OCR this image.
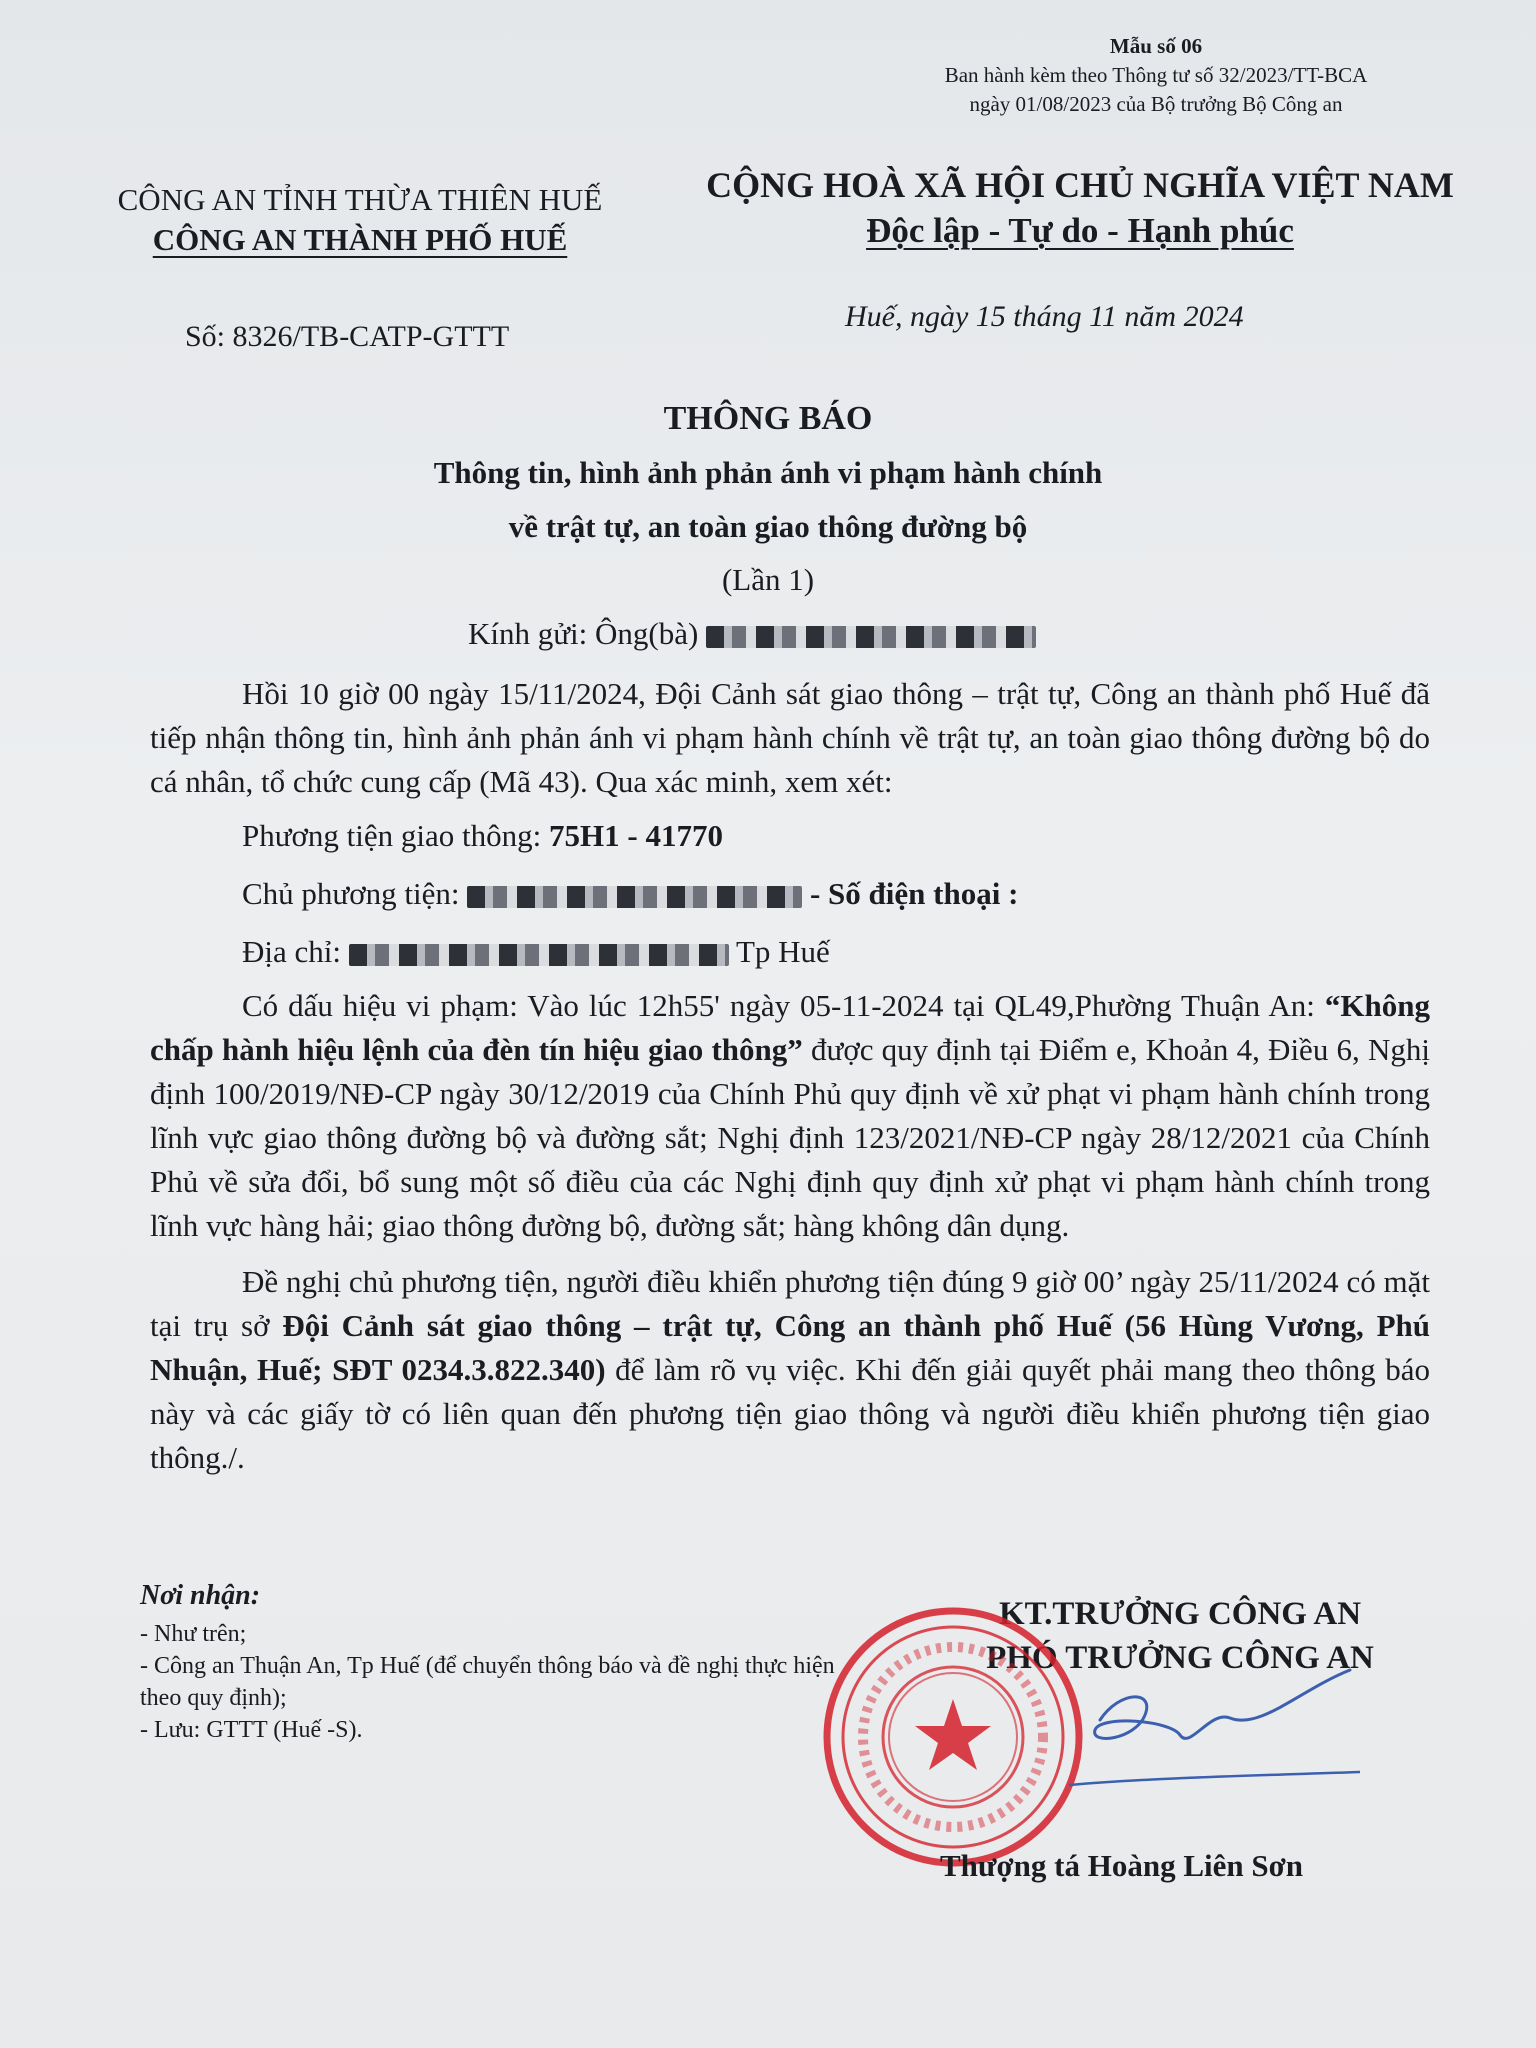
Mẫu số 06
Ban hành kèm theo Thông tư số 32/2023/TT-BCA
ngày 01/08/2023 của Bộ trưởng Bộ Công an
CÔNG AN TỈNH THỪA THIÊN HUẾ
CÔNG AN THÀNH PHỐ HUẾ
CỘNG HOÀ XÃ HỘI CHỦ NGHĨA VIỆT NAM
Độc lập - Tự do - Hạnh phúc
Số: 8326/TB-CATP-GTTT
Huế, ngày 15 tháng 11 năm 2024
THÔNG BÁO
Thông tin, hình ảnh phản ánh vi phạm hành chính
về trật tự, an toàn giao thông đường bộ
(Lần 1)
Kính gửi: Ông(bà)

Hồi 10 giờ 00 ngày 15/11/2024, Đội Cảnh sát giao thông – trật tự, Công an thành phố Huế đã tiếp nhận thông tin, hình ảnh phản ánh vi phạm hành chính về trật tự, an toàn giao thông đường bộ do cá nhân, tổ chức cung cấp (Mã 43). Qua xác minh, xem xét:

Phương tiện giao thông: 75H1 - 41770

Chủ phương tiện:	- Số điện thoại :

Địa chỉ:	Tp Huế

Có dấu hiệu vi phạm: Vào lúc 12h55' ngày 05-11-2024 tại QL49,Phường Thuận An: “Không chấp hành hiệu lệnh của đèn tín hiệu giao thông” được quy định tại Điểm e, Khoản 4, Điều 6, Nghị định 100/2019/NĐ-CP ngày 30/12/2019 của Chính Phủ quy định về xử phạt vi phạm hành chính trong lĩnh vực giao thông đường bộ và đường sắt; Nghị định 123/2021/NĐ-CP ngày 28/12/2021 của Chính Phủ về sửa đổi, bổ sung một số điều của các Nghị định quy định xử phạt vi phạm hành chính trong lĩnh vực hàng hải; giao thông đường bộ, đường sắt; hàng không dân dụng.

Đề nghị chủ phương tiện, người điều khiển phương tiện đúng 9 giờ 00’ ngày 25/11/2024 có mặt tại trụ sở Đội Cảnh sát giao thông – trật tự, Công an thành phố Huế (56 Hùng Vương, Phú Nhuận, Huế; SĐT 0234.3.822.340) để làm rõ vụ việc. Khi đến giải quyết phải mang theo thông báo này và các giấy tờ có liên quan đến phương tiện giao thông và người điều khiển phương tiện giao thông./.

Nơi nhận:
- Như trên;
- Công an Thuận An, Tp Huế (để chuyển thông báo và đề nghị thực hiện theo quy định);
- Lưu: GTTT (Huế -S).
KT.TRƯỞNG CÔNG AN
PHÓ TRƯỞNG CÔNG AN
Thượng tá Hoàng Liên Sơn
